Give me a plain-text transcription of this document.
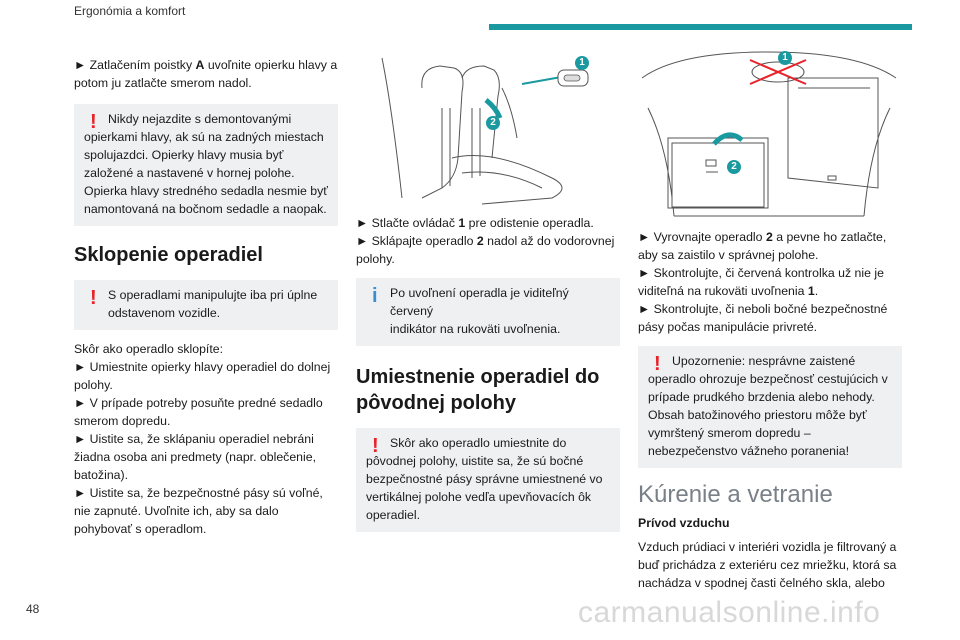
Ergonómia a komfort

► Zatlačením poistky A uvoľnite opierku hlavy a potom ju zatlačte smerom nadol.

! Nikdy nejazdite s demontovanými
opierkami hlavy, ak sú na zadných miestach spolujazdci. Opierky hlavy musia byť založené a nastavené v hornej polohe. Opierka hlavy stredného sedadla nesmie byť namontovaná na bočnom sedadle a naopak.
Sklopenie operadiel
! S operadlami manipulujte iba pri úplne
odstavenom vozidle.

Skôr ako operadlo sklopíte:

► Umiestnite opierky hlavy operadiel do dolnej polohy.

► V prípade potreby posuňte predné sedadlo smerom dopredu.

► Uistite sa, že sklápaniu operadiel nebráni žiadna osoba ani predmety (napr. oblečenie, batožina).

► Uistite sa, že bezpečnostné pásy sú voľné, nie zapnuté. Uvoľnite ich, aby sa dalo pohybovať s operadlom.

1
2

► Stlačte ovládač 1 pre odistenie operadla.

► Sklápajte operadlo 2 nadol až do vodorovnej polohy.

i	Po uvoľnení operadla je viditeľný červený
indikátor na rukoväti uvoľnenia.
Umiestnenie operadiel do pôvodnej polohy
! Skôr ako operadlo umiestnite do
pôvodnej polohy, uistite sa, že sú bočné bezpečnostné pásy správne umiestnené vo vertikálnej polohe vedľa upevňovacích ôk operadiel.
1
2

► Vyrovnajte operadlo 2 a pevne ho zatlačte, aby sa zaistilo v správnej polohe.

► Skontrolujte, či červená kontrolka už nie je viditeľná na rukoväti uvoľnenia 1.

► Skontrolujte, či neboli bočné bezpečnostné pásy počas manipulácie privreté.

! Upozornenie: nesprávne zaistené
operadlo ohrozuje bezpečnosť cestujúcich v prípade prudkého brzdenia alebo nehody.
Obsah batožinového priestoru môže byť vymrštený smerom dopredu – nebezpečenstvo vážneho poranenia!
Kúrenie a vetranie

Prívod vzduchu

Vzduch prúdiaci v interiéri vozidla je filtrovaný a buď prichádza z exteriéru cez mriežku, ktorá sa nachádza v spodnej časti čelného skla, alebo

48	carmanualsonline.info
